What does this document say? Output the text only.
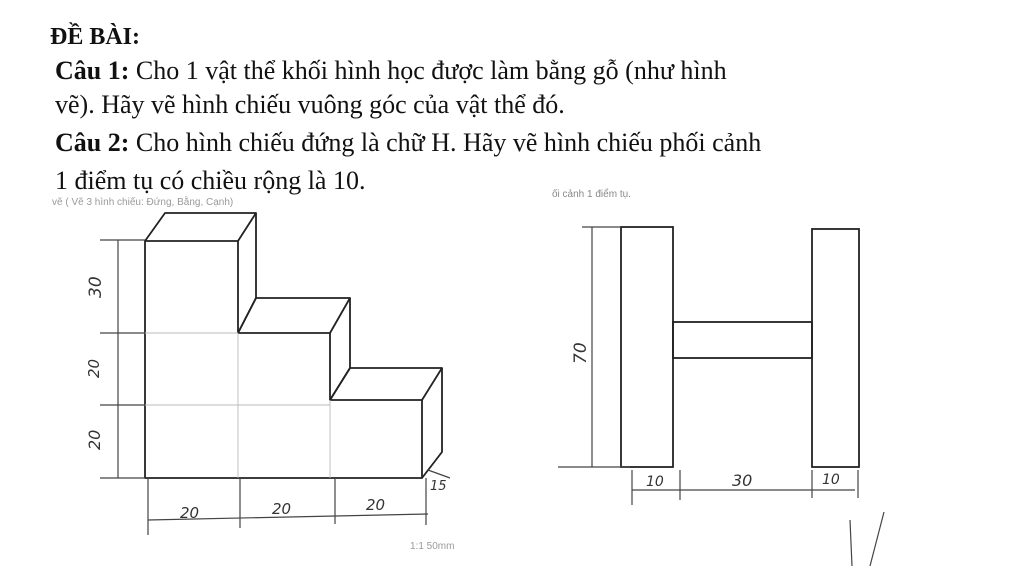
ĐỀ BÀI:
Câu 1: Cho 1 vật thể khối hình học được làm bằng gỗ (như hình
vẽ). Hãy vẽ hình chiếu vuông góc của vật thể đó.
Câu 2: Cho hình chiếu đứng là chữ H. Hãy vẽ hình chiếu phối cảnh
1 điểm tụ có chiều rộng là 10.
vẽ ( Vẽ 3 hình chiếu: Đứng, Bằng, Cạnh)
ối cảnh 1 điểm tụ.
1:1 50mm
30
20
20
20	20	20
15
70
10	30	10
